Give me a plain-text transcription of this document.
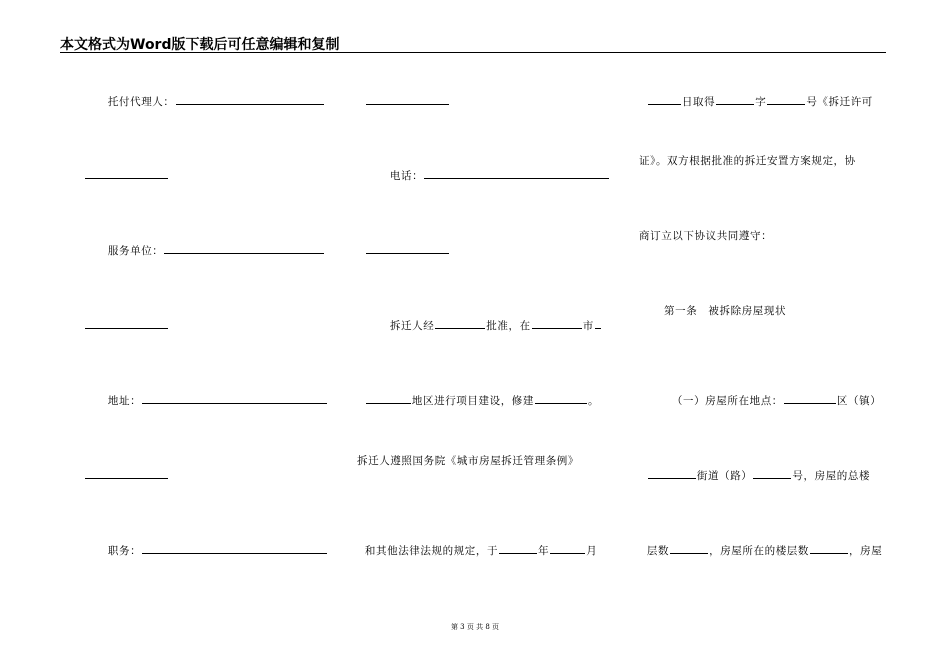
本文格式为Word版下载后可任意编辑和复制

托付代理人：

服务单位：

地址：

职务：

电话：

拆迁人经	批准，在	市

地区进行项目建设，修建	。

拆迁人遵照国务院《城市房屋拆迁管理条例》

和其他法律法规的规定，于	年	月

日取得	字	号《拆迁许可

证》。双方根据批准的拆迁安置方案规定，协
商订立以下协议共同遵守：
第一条　被拆除房屋现状

（一）房屋所在地点：	区（镇）

街道（路）	号，房屋的总楼

层数	，房屋所在的楼层数	，房屋

第 3 页 共 8 页
